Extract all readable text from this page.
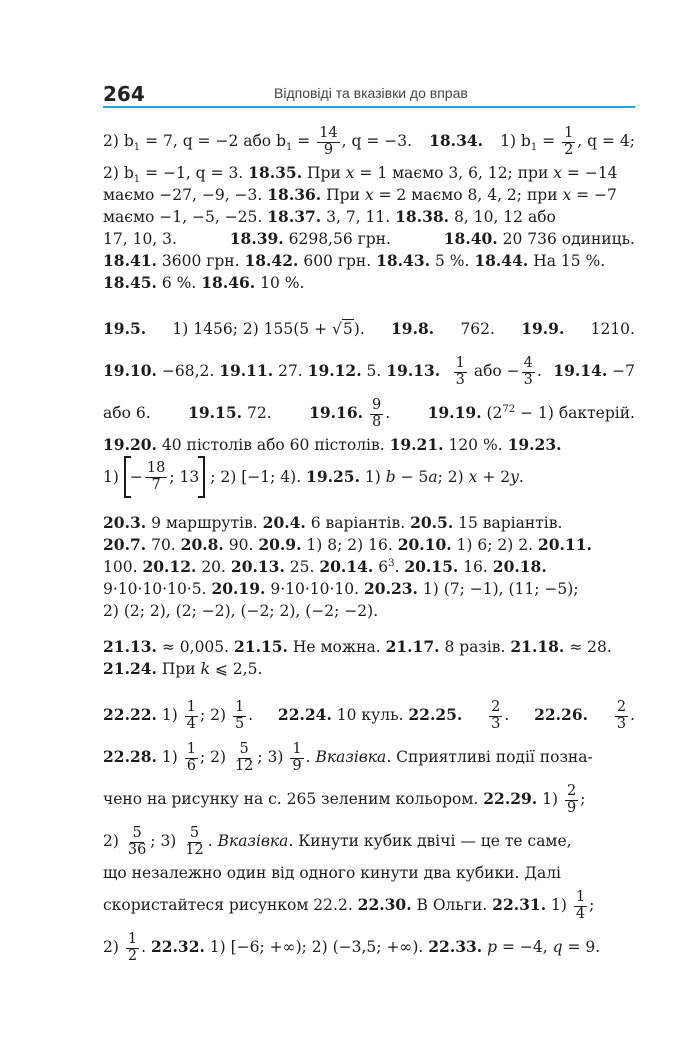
264	Відповіді та вказівки до вправ
2) $b_1 = 7$, q = −2 або $b_1 = \frac{14}{9}$ , q = −3. 18.34. 1) $b_1 = \frac{1}{2}$ , q = 4;
2) $b_1 = -1$, q = 3. 18.35. При x = 1 маємо 3, 6, 12; при x = −14
маємо −27, −9, −3. 18.36. При x = 2 маємо 8, 4, 2; при x = −7
маємо −1, −5, −25. 18.37. 3, 7, 11. 18.38. 8, 10, 12 або
17, 10, 3.	18.39. 6298,56 грн.	18.40. 20 736 одиниць.
18.41. 3600 грн. 18.42. 600 грн. 18.43. 5 %. 18.44. На 15 %.
18.45. 6 %. 18.46. 10 %.
19.5. 1) 1456; 2) 155(5 + √5). 19.8. 762. 19.9. 1210.
19.10. −68,2. 19.11. 27. 19.12. 5. 19.13. $\frac{1}{3}$ або − $\frac{4}{3}$ . 19.14. −7
або 6. 19.15. 72. 19.16. $\frac{9}{8}$ . 19.19. $(2^{72} - 1)$ бактерій.
19.20. 40 пістолів або 60 пістолів. 19.21. 120 %. 19.23.
$1) - \frac{18}{7}$ ; 13 ; 2) [−1; 4). 19.25. 1) b − 5a; 2) x + 2y.
20.3. 9 маршрутів. 20.4. 6 варіантів. 20.5. 15 варіантів.
20.7. 70. 20.8. 90. 20.9. 1) 8; 2) 16. 20.10. 1) 6; 2) 2. 20.11.
100. 20.12. 20. 20.13. 25. 20.14. $6^3$. 20.15. 16. 20.18.
9·10·10·10·5. 20.19. 9·10·10·10. 20.23. 1) (7; −1), (11; −5);
2) (2; 2), (2; −2), (−2; 2), (−2; −2).
21.13. ≈ 0,005. 21.15. Не можна. 21.17. 8 разів. 21.18. ≈ 28.
21.24. При k ⩽ 2,5.
22.22. $1) \frac{1}{4}$ ; $2) \frac{1}{5}$ . 22.24. 10 куль. 22.25. $\frac{2}{3}$ . 22.26. $\frac{2}{3}$ .
22.28. $1) \frac{1}{6}$ ; $2) \frac{5}{12}$ ; $3) \frac{1}{9}$ . Вказівка. Сприятливі події позна-
чено на рисунку на с. 265 зеленим кольором. 22.29. $1) \frac{2}{9}$ ;
$2) \frac{5}{36}$ ; $3) \frac{5}{12}$ . Вказівка. Кинути кубик двічі — це те саме,
що незалежно один від одного кинути два кубики. Далі
скористайтеся рисунком 22.2. 22.30. В Ольги. 22.31. $1) \frac{1}{4}$ ;
$2) \frac{1}{2}$ . 22.32. 1) [−6; +∞); 2) (−3,5; +∞). 22.33. p = −4, q = 9.
